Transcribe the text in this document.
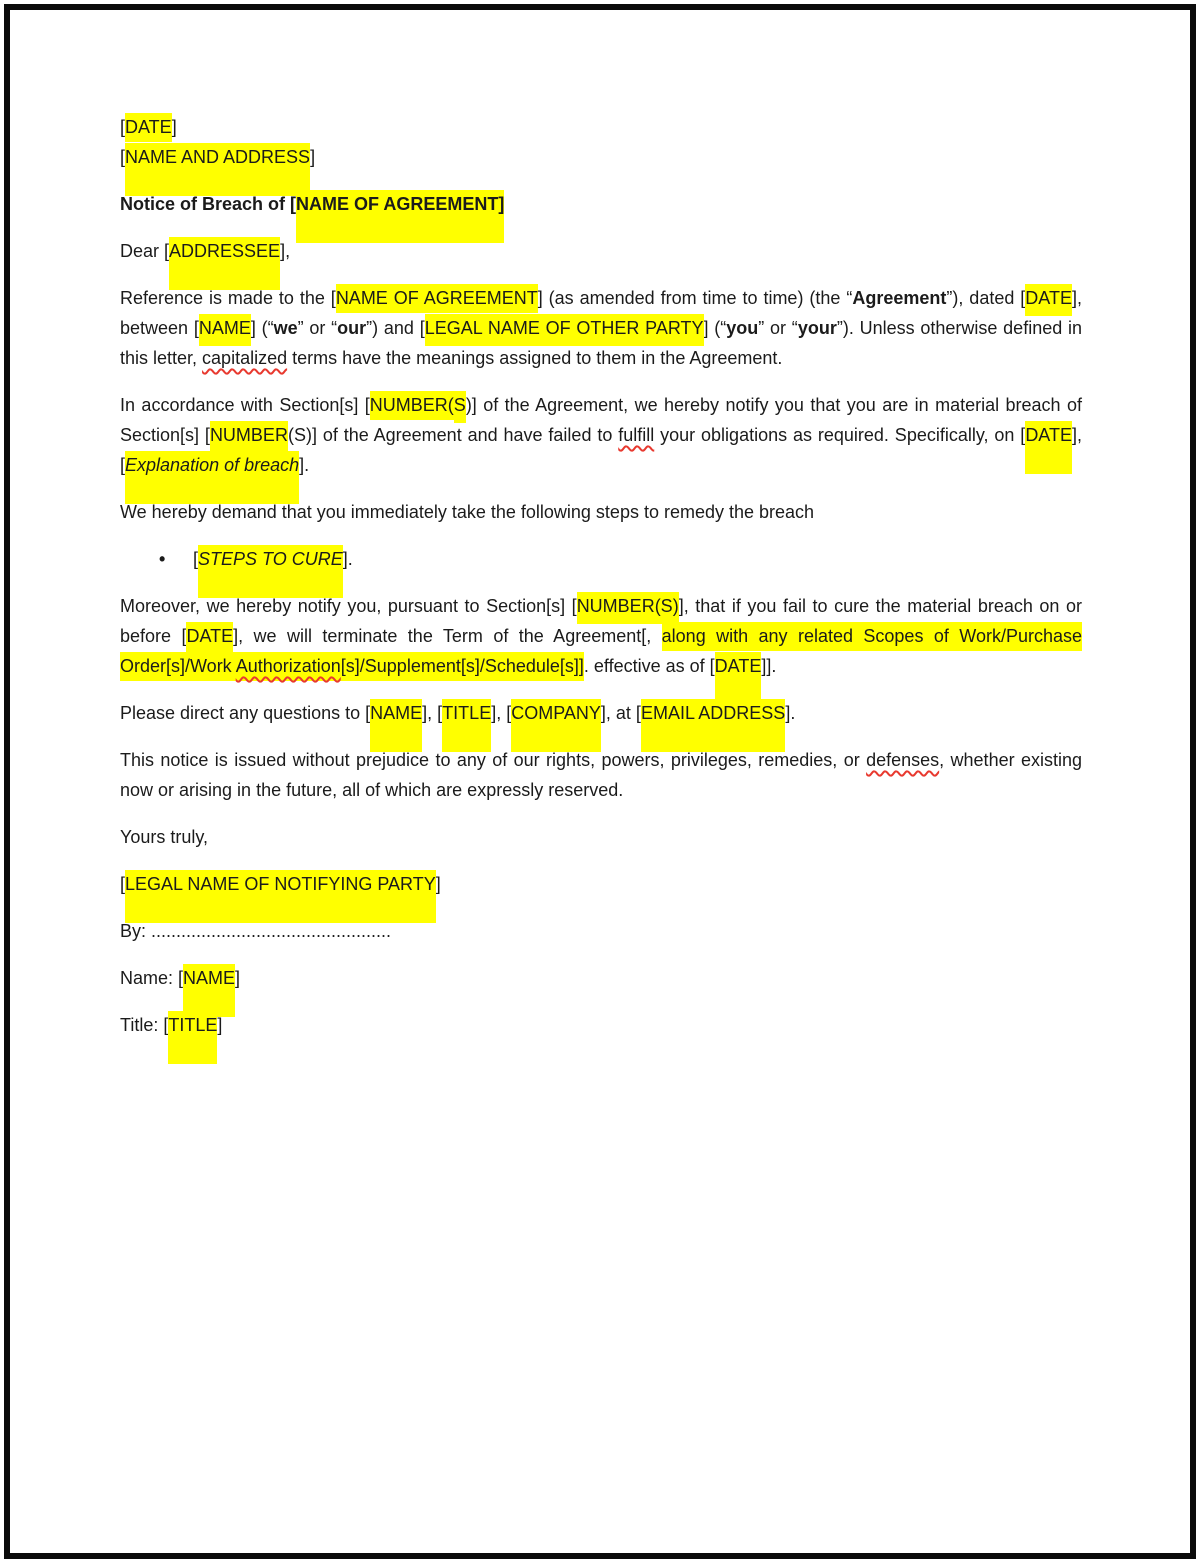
[DATE]
[NAME AND ADDRESS]
Notice of Breach of [NAME OF AGREEMENT]
Dear [ADDRESSEE],
Reference is made to the [NAME OF AGREEMENT] (as amended from time to time) (the “Agreement”), dated [DATE], between [NAME] (“we” or “our”) and [LEGAL NAME OF OTHER PARTY] (“you” or “your”). Unless otherwise defined in this letter, capitalized terms have the meanings assigned to them in the Agreement.
In accordance with Section[s] [NUMBER(S)] of the Agreement, we hereby notify you that you are in material breach of Section[s] [NUMBER(S)] of the Agreement and have failed to fulfill your obligations as required. Specifically, on [DATE], [Explanation of breach].
We hereby demand that you immediately take the following steps to remedy the breach
• [STEPS TO CURE].
Moreover, we hereby notify you, pursuant to Section[s] [NUMBER(S)], that if you fail to cure the material breach on or before [DATE], we will terminate the Term of the Agreement[, along with any related Scopes of Work/Purchase Order[s]/Work Authorization[s]/Supplement[s]/Schedule[s]]. effective as of [DATE]].
Please direct any questions to [NAME], [TITLE], [COMPANY], at [EMAIL ADDRESS].
This notice is issued without prejudice to any of our rights, powers, privileges, remedies, or defenses, whether existing now or arising in the future, all of which are expressly reserved.
Yours truly,
[LEGAL NAME OF NOTIFYING PARTY]
By: ................................................
Name: [NAME]
Title: [TITLE]
